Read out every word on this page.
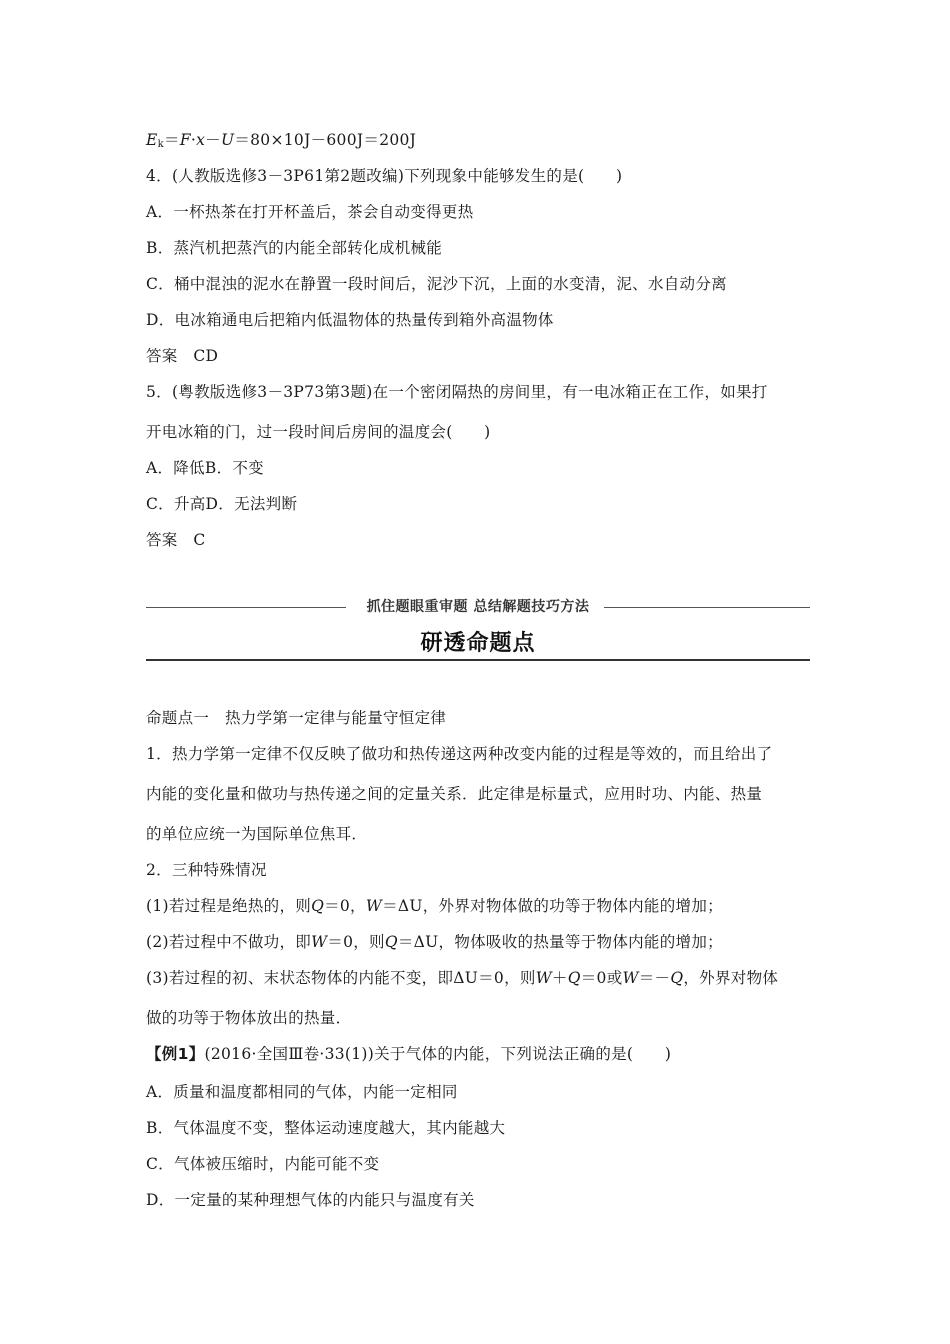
$E_k=F\cdot x-U=80\times 10J-600J=200J$
4．(人教版选修3－3P61第2题改编)下列现象中能够发生的是(　　)
A．一杯热茶在打开杯盖后，茶会自动变得更热
B．蒸汽机把蒸汽的内能全部转化成机械能
C．桶中混浊的泥水在静置一段时间后，泥沙下沉，上面的水变清，泥、水自动分离
D．电冰箱通电后把箱内低温物体的热量传到箱外高温物体
答案　CD
5．(粤教版选修3－3P73第3题)在一个密闭隔热的房间里，有一电冰箱正在工作，如果打
开电冰箱的门，过一段时间后房间的温度会(　　)
A．降低B．不变
C．升高D．无法判断
答案　C
抓住题眼重审题 总结解题技巧方法
研透命题点
命题点一　热力学第一定律与能量守恒定律
1．热力学第一定律不仅反映了做功和热传递这两种改变内能的过程是等效的，而且给出了
内能的变化量和做功与热传递之间的定量关系．此定律是标量式，应用时功、内能、热量
的单位应统一为国际单位焦耳．
2．三种特殊情况
(1)若过程是绝热的，则Q＝0，W＝ΔU，外界对物体做的功等于物体内能的增加；
(2)若过程中不做功，即W＝0，则Q＝ΔU，物体吸收的热量等于物体内能的增加；
(3)若过程的初、末状态物体的内能不变，即ΔU＝0，则W＋Q＝0或W＝－Q，外界对物体
做的功等于物体放出的热量．
【例1】(2016·全国Ⅲ卷·33(1))关于气体的内能，下列说法正确的是(　　)
A．质量和温度都相同的气体，内能一定相同
B．气体温度不变，整体运动速度越大，其内能越大
C．气体被压缩时，内能可能不变
D．一定量的某种理想气体的内能只与温度有关
